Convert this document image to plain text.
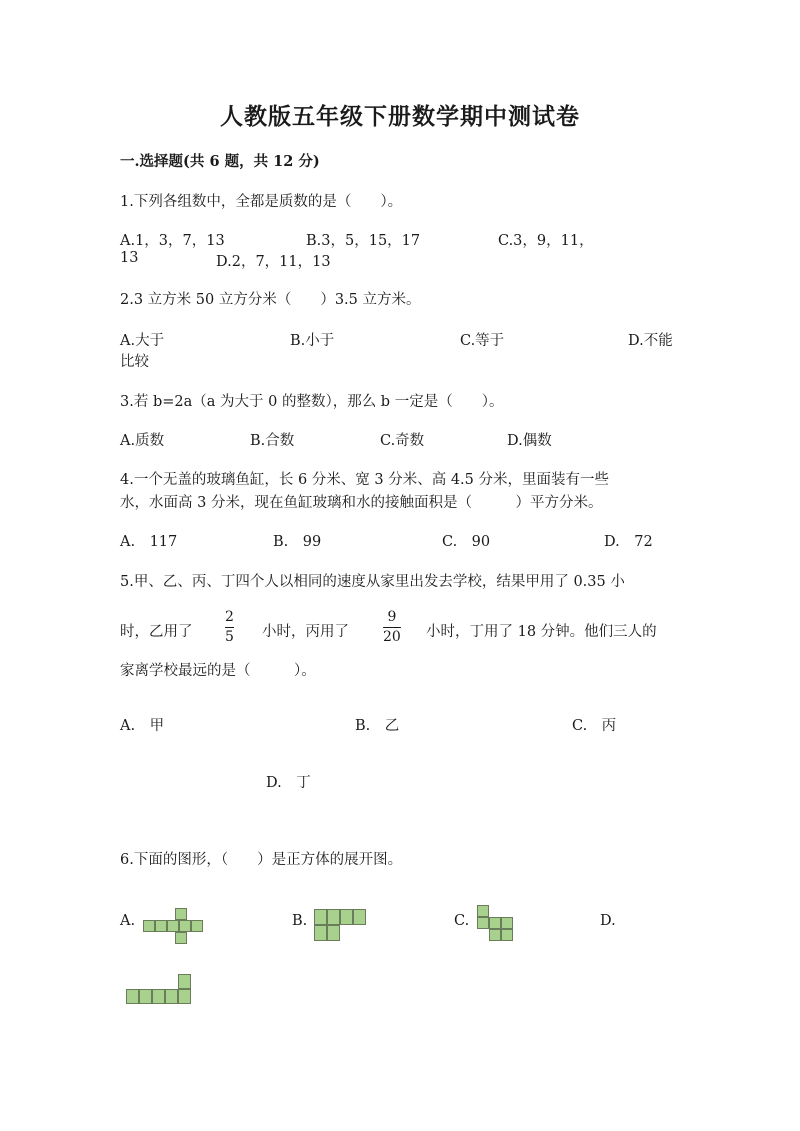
人教版五年级下册数学期中测试卷
一.选择题(共 6 题，共 12 分)
1.下列各组数中，全都是质数的是（　　）。
A.1，3，7，13	B.3，5，15，17	C.3，9，11，
13	D.2，7，11，13
2.3 立方米 50 立方分米（　　）3.5 立方米。
A.大于	B.小于	C.等于	D.不能
比较
3.若 b=2a（a 为大于 0 的整数），那么 b 一定是（　　）。
A.质数	B.合数	C.奇数	D.偶数
4.一个无盖的玻璃鱼缸，长 6 分米、宽 3 分米、高 4.5 分米，里面装有一些
水，水面高 3 分米，现在鱼缸玻璃和水的接触面积是（　　　）平方分米。
A.　117	B.　99	C.　90	D.　72
5.甲、乙、丙、丁四个人以相同的速度从家里出发去学校，结果甲用了 0.35 小
时，乙用了
2
5 小时，丙用了
9
20 小时，丁用了 18 分钟。他们三人的
家离学校最远的是（　　　）。
A.　甲	B.　乙	C.　丙
D.　丁
6.下面的图形，（　　）是正方体的展开图。
A.	B.	C.	D.
